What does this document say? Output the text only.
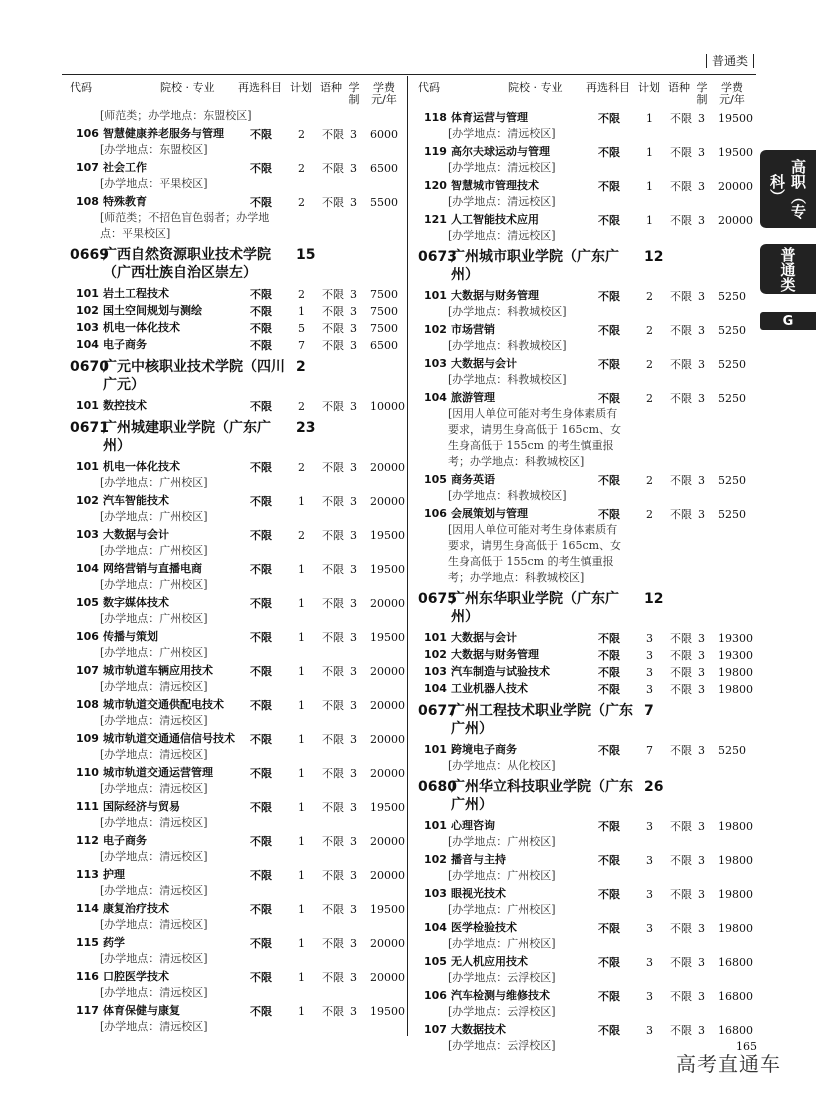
普通类
高职（专科）
普通类
G
代码	院校 · 专业 再选科目 计划 语种 学制
学费元/年
[师范类；办学地点：东盟校区]
106 智慧健康养老服务与管理	不限 2 不限 3 6000
[办学地点：东盟校区]
107 社会工作	不限 2 不限 3 6500
[办学地点：平果校区]
108 特殊教育	不限 2 不限 3 5500
[师范类；不招色盲色弱者；办学地
点：平果校区]
0669	15
广西自然资源职业技术学院（广西壮族自治区崇左）
101 岩土工程技术	不限 2 不限 3 7500
102 国土空间规划与测绘	不限 1 不限 3 7500
103 机电一体化技术	不限 5 不限 3 7500
104 电子商务	不限 7 不限 3 6500
0670	2
广元中核职业技术学院（四川广元）
101 数控技术	不限 2 不限 3 10000
0671	23
广州城建职业学院（广东广州）
101 机电一体化技术	不限 2 不限 3 20000
[办学地点：广州校区]
102 汽车智能技术	不限 1 不限 3 20000
[办学地点：广州校区]
103 大数据与会计	不限 2 不限 3 19500
[办学地点：广州校区]
104 网络营销与直播电商	不限 1 不限 3 19500
[办学地点：广州校区]
105 数字媒体技术	不限 1 不限 3 20000
[办学地点：广州校区]
106 传播与策划	不限 1 不限 3 19500
[办学地点：广州校区]
107 城市轨道车辆应用技术	不限 1 不限 3 20000
[办学地点：清远校区]
108 城市轨道交通供配电技术	不限 1 不限 3 20000
[办学地点：清远校区]
109 城市轨道交通通信信号技术	不限 1 不限 3 20000
[办学地点：清远校区]
110 城市轨道交通运营管理	不限 1 不限 3 20000
[办学地点：清远校区]
111 国际经济与贸易	不限 1 不限 3 19500
[办学地点：清远校区]
112 电子商务	不限 1 不限 3 20000
[办学地点：清远校区]
113 护理	不限 1 不限 3 20000
[办学地点：清远校区]
114 康复治疗技术	不限 1 不限 3 19500
[办学地点：清远校区]
115 药学	不限 1 不限 3 20000
[办学地点：清远校区]
116 口腔医学技术	不限 1 不限 3 20000
[办学地点：清远校区]
117 体育保健与康复	不限 1 不限 3 19500
[办学地点：清远校区]
代码	院校 · 专业 再选科目 计划 语种 学制
学费元/年
118 体育运营与管理	不限 1 不限 3 19500
[办学地点：清远校区]
119 高尔夫球运动与管理	不限 1 不限 3 19500
[办学地点：清远校区]
120 智慧城市管理技术	不限 1 不限 3 20000
[办学地点：清远校区]
121 人工智能技术应用	不限 1 不限 3 20000
[办学地点：清远校区]
0673	12
广州城市职业学院（广东广州）
101 大数据与财务管理	不限 2 不限 3 5250
[办学地点：科教城校区]
102 市场营销	不限 2 不限 3 5250
[办学地点：科教城校区]
103 大数据与会计	不限 2 不限 3 5250
[办学地点：科教城校区]
104 旅游管理	不限 2 不限 3 5250
[因用人单位可能对考生身体素质有
要求，请男生身高低于 165cm、女
生身高低于 155cm 的考生慎重报
考；办学地点：科教城校区]
105 商务英语	不限 2 不限 3 5250
[办学地点：科教城校区]
106 会展策划与管理	不限 2 不限 3 5250
[因用人单位可能对考生身体素质有
要求，请男生身高低于 165cm、女
生身高低于 155cm 的考生慎重报
考；办学地点：科教城校区]
0675	12
广州东华职业学院（广东广州）
101 大数据与会计	不限 3 不限 3 19300
102 大数据与财务管理	不限 3 不限 3 19300
103 汽车制造与试验技术	不限 3 不限 3 19800
104 工业机器人技术	不限 3 不限 3 19800
0677	7
广州工程技术职业学院（广东广州）
101 跨境电子商务	不限 7 不限 3 5250
[办学地点：从化校区]
0680	26
广州华立科技职业学院（广东广州）
101 心理咨询	不限 3 不限 3 19800
[办学地点：广州校区]
102 播音与主持	不限 3 不限 3 19800
[办学地点：广州校区]
103 眼视光技术	不限 3 不限 3 19800
[办学地点：广州校区]
104 医学检验技术	不限 3 不限 3 19800
[办学地点：广州校区]
105 无人机应用技术	不限 3 不限 3 16800
[办学地点：云浮校区]
106 汽车检测与维修技术	不限 3 不限 3 16800
[办学地点：云浮校区]
107 大数据技术	不限 3 不限 3 16800
[办学地点：云浮校区]	165
高考直通车
